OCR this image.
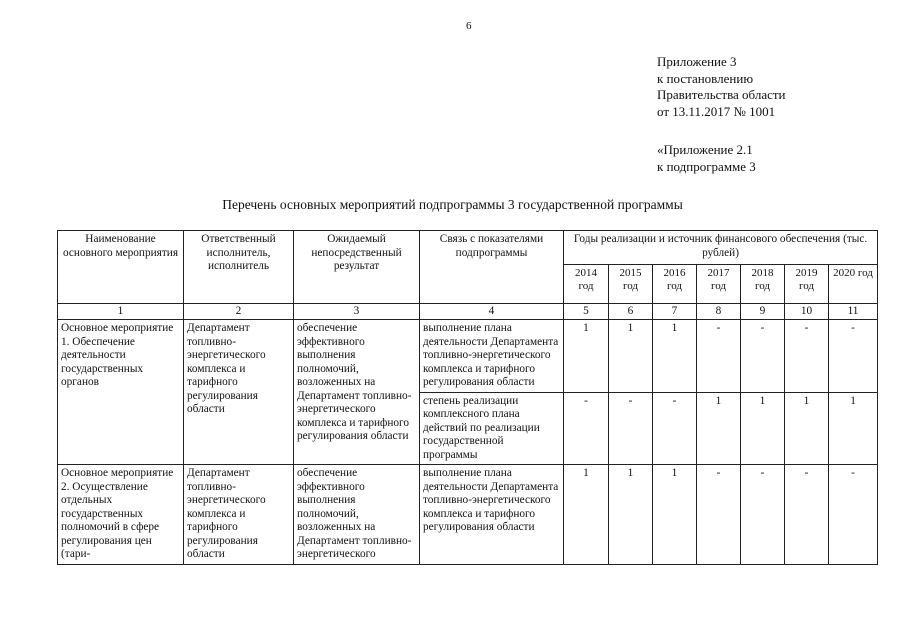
6
Приложение 3
к постановлению
Правительства области
от 13.11.2017 № 1001
«Приложение 2.1
к подпрограмме 3
Перечень основных мероприятий подпрограммы 3 государственной программы
Наименование основного мероприятия	Ответственный исполнитель, исполнитель	Ожидаемый непосредственный результат	Связь с показателями подпрограммы	Годы реализации и источник финансового обеспечения (тыс. рублей)						
				2014 год	2015 год	2016 год	2017 год	2018 год	2019 год	2020 год
1	2	3	4	5	6	7	8	9	10	11
Основное мероприятие 1. Обеспечение деятельности государственных органов	Департамент топливно-энергетического комплекса и тарифного регулирования области	обеспечение эффективного выполнения полномочий, возложенных на Департамент топливно-энергетического комплекса и тарифного регулирования области	выполнение плана деятельности Департамента топливно-энергетического комплекса и тарифного регулирования области	1	1	1	-	-	-	-
			степень реализации комплексного плана действий по реализации государственной программы	-	-	-	1	1	1	1
Основное мероприятие 2. Осуществление отдельных государственных полномочий в сфере регулирования цен (тари-	Департамент топливно-энергетического комплекса и тарифного регулирования области	обеспечение эффективного выполнения полномочий, возложенных на Департамент топливно-энергетического	выполнение плана деятельности Департамента топливно-энергетического комплекса и тарифного регулирования области	1	1	1	-	-	-	-
